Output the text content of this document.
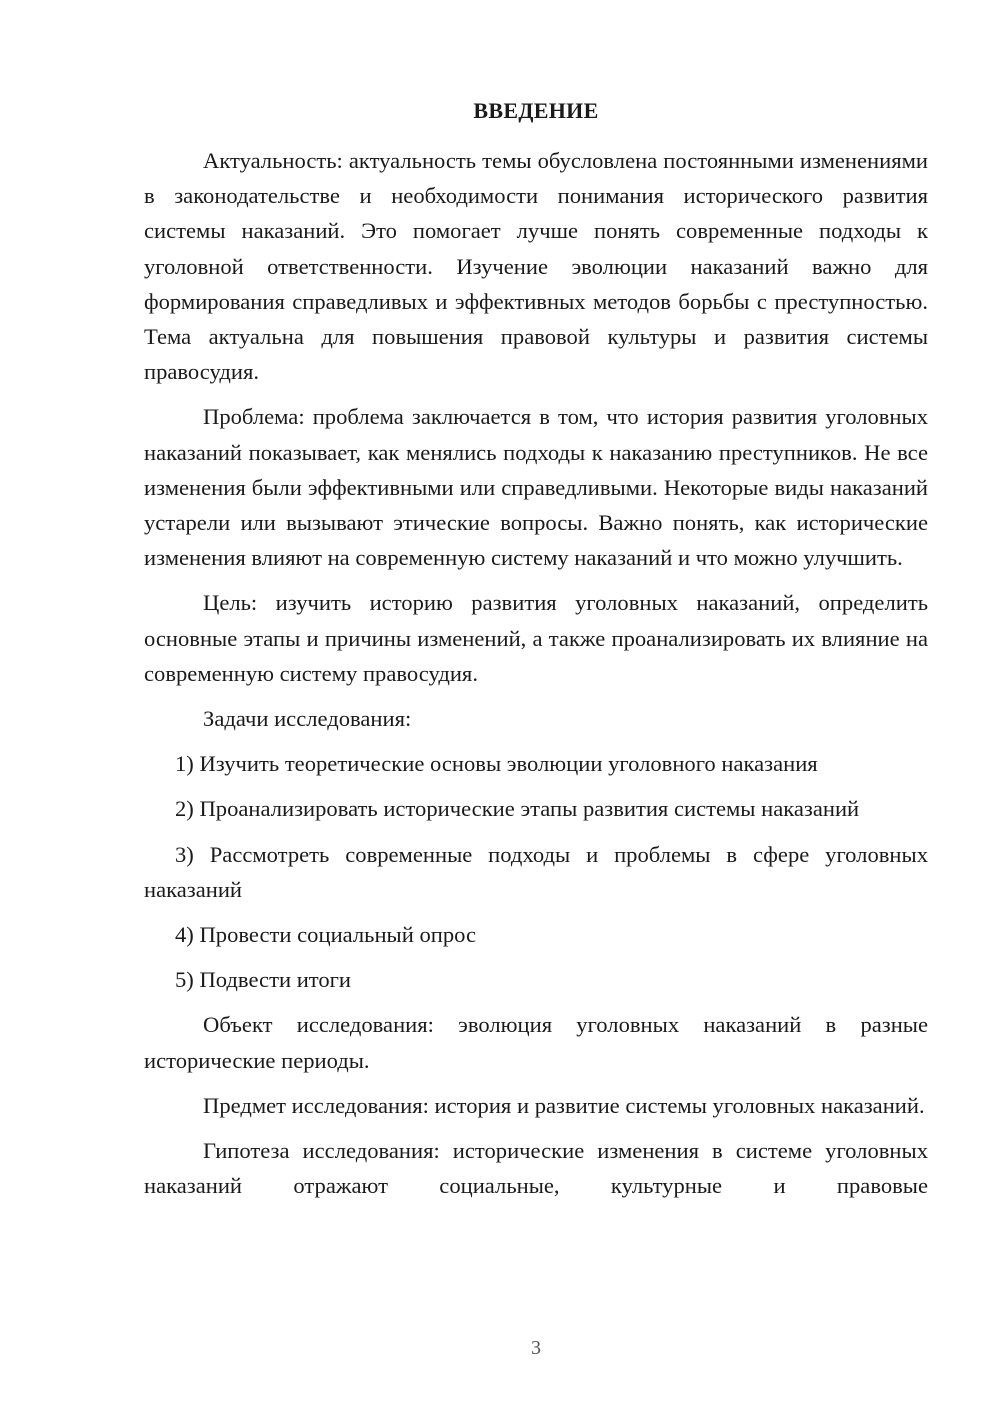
ВВЕДЕНИЕ

Актуальность: актуальность темы обусловлена постоянными изменениями в законодательстве и необходимости понимания исторического развития системы наказаний. Это помогает лучше понять современные подходы к уголовной ответственности. Изучение эволюции наказаний важно для формирования справедливых и эффективных методов борьбы с преступностью. Тема актуальна для повышения правовой культуры и развития системы правосудия.

Проблема: проблема заключается в том, что история развития уголовных наказаний показывает, как менялись подходы к наказанию преступников. Не все изменения были эффективными или справедливыми. Некоторые виды наказаний устарели или вызывают этические вопросы. Важно понять, как исторические изменения влияют на современную систему наказаний и что можно улучшить.

Цель: изучить историю развития уголовных наказаний, определить основные этапы и причины изменений, а также проанализировать их влияние на современную систему правосудия.

Задачи исследования:

1) Изучить теоретические основы эволюции уголовного наказания

2) Проанализировать исторические этапы развития системы наказаний

3) Рассмотреть современные подходы и проблемы в сфере уголовных наказаний

4) Провести социальный опрос

5) Подвести итоги

Объект исследования: эволюция уголовных наказаний в разные исторические периоды.

Предмет исследования: история и развитие системы уголовных наказаний.

Гипотеза исследования: исторические изменения в системе уголовных наказаний отражают социальные, культурные и правовые

3
